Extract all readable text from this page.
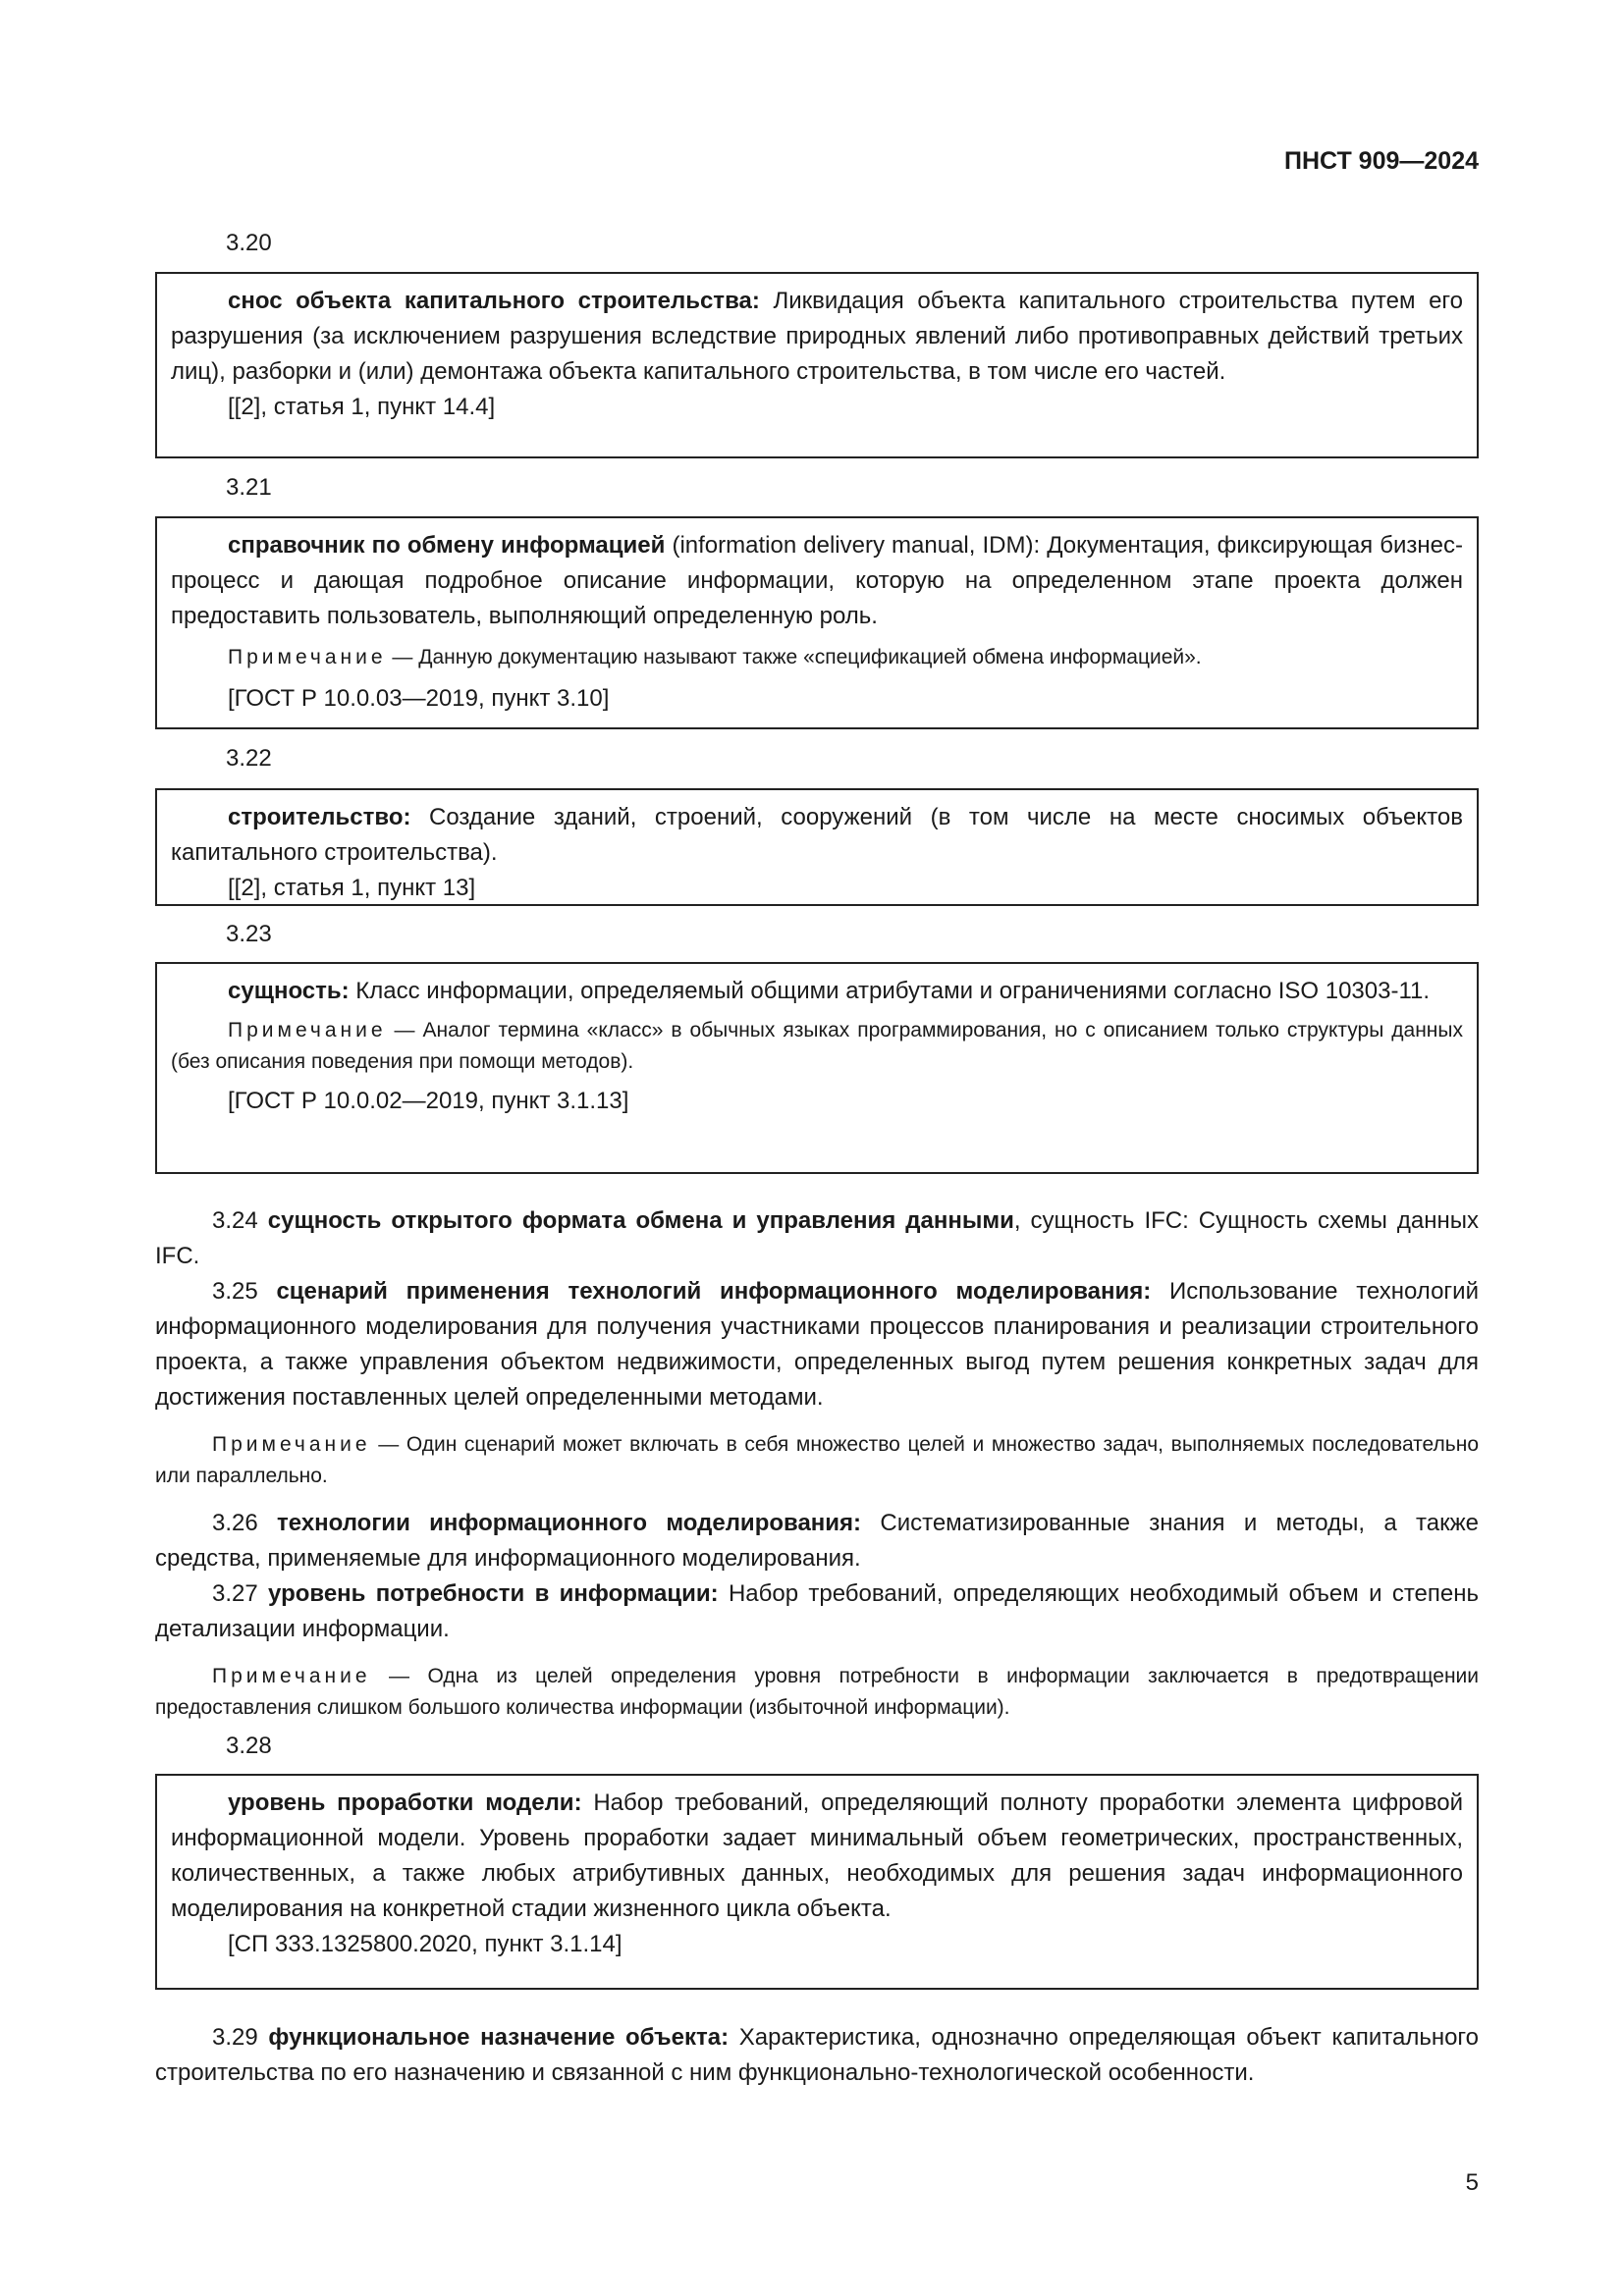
ПНСТ 909—2024
3.20

снос объекта капитального строительства: Ликвидация объекта капитального строительства путем его разрушения (за исключением разрушения вследствие природных явлений либо противоправных действий третьих лиц), разборки и (или) демонтажа объекта капитального строительства, в том числе его частей.

[[2], статья 1, пункт 14.4]

3.21

справочник по обмену информацией (information delivery manual, IDM): Документация, фиксирующая бизнес-процесс и дающая подробное описание информации, которую на определенном этапе проекта должен предоставить пользователь, выполняющий определенную роль.

Примечание — Данную документацию называют также «спецификацией обмена информацией».

[ГОСТ Р 10.0.03—2019, пункт 3.10]

3.22

строительство: Создание зданий, строений, сооружений (в том числе на месте сносимых объектов капитального строительства).

[[2], статья 1, пункт 13]

3.23

сущность: Класс информации, определяемый общими атрибутами и ограничениями согласно ISO 10303-11.

Примечание — Аналог термина «класс» в обычных языках программирования, но с описанием только структуры данных (без описания поведения при помощи методов).

[ГОСТ Р 10.0.02—2019, пункт 3.1.13]

3.24 сущность открытого формата обмена и управления данными, сущность IFC: Сущность схемы данных IFC.

3.25 сценарий применения технологий информационного моделирования: Использование технологий информационного моделирования для получения участниками процессов планирования и реализации строительного проекта, а также управления объектом недвижимости, определенных выгод путем решения конкретных задач для достижения поставленных целей определенными методами.

Примечание — Один сценарий может включать в себя множество целей и множество задач, выполняемых последовательно или параллельно.

3.26 технологии информационного моделирования: Систематизированные знания и методы, а также средства, применяемые для информационного моделирования.

3.27 уровень потребности в информации: Набор требований, определяющих необходимый объем и степень детализации информации.

Примечание — Одна из целей определения уровня потребности в информации заключается в предотвращении предоставления слишком большого количества информации (избыточной информации).

3.28

уровень проработки модели: Набор требований, определяющий полноту проработки элемента цифровой информационной модели. Уровень проработки задает минимальный объем геометрических, пространственных, количественных, а также любых атрибутивных данных, необходимых для решения задач информационного моделирования на конкретной стадии жизненного цикла объекта.

[СП 333.1325800.2020, пункт 3.1.14]

3.29 функциональное назначение объекта: Характеристика, однозначно определяющая объект капитального строительства по его назначению и связанной с ним функционально-технологической особенности.

5
